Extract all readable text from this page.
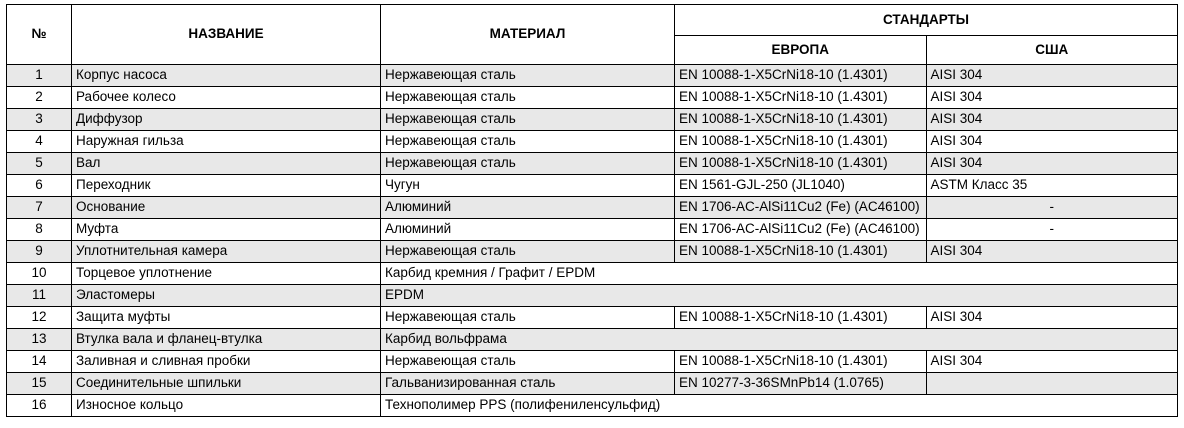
№	НАЗВАНИЕ	МАТЕРИАЛ	СТАНДАРТЫ	
			ЕВРОПА	США
1	Корпус насоса	Нержавеющая сталь	EN 10088-1-X5CrNi18-10 (1.4301)	AISI 304
2	Рабочее колесо	Нержавеющая сталь	EN 10088-1-X5CrNi18-10 (1.4301)	AISI 304
3	Диффузор	Нержавеющая сталь	EN 10088-1-X5CrNi18-10 (1.4301)	AISI 304
4	Наружная гильза	Нержавеющая сталь	EN 10088-1-X5CrNi18-10 (1.4301)	AISI 304
5	Вал	Нержавеющая сталь	EN 10088-1-X5CrNi18-10 (1.4301)	AISI 304
6	Переходник	Чугун	EN 1561-GJL-250 (JL1040)	ASTM Класс 35
7	Основание	Алюминий	EN 1706-AC-AlSi11Cu2 (Fe) (AC46100)	-
8	Муфта	Алюминий	EN 1706-AC-AlSi11Cu2 (Fe) (AC46100)	-
9	Уплотнительная камера	Нержавеющая сталь	EN 10088-1-X5CrNi18-10 (1.4301)	AISI 304
10	Торцевое уплотнение	Карбид кремния / Графит / EPDM		
11	Эластомеры	EPDM		
12	Защита муфты	Нержавеющая сталь	EN 10088-1-X5CrNi18-10 (1.4301)	AISI 304
13	Втулка вала и фланец-втулка	Карбид вольфрама		
14	Заливная и сливная пробки	Нержавеющая сталь	EN 10088-1-X5CrNi18-10 (1.4301)	AISI 304
15	Соединительные шпильки	Гальванизированная сталь	EN 10277-3-36SMnPb14 (1.0765)	
16	Износное кольцо	Технополимер PPS (полифениленсульфид)		
